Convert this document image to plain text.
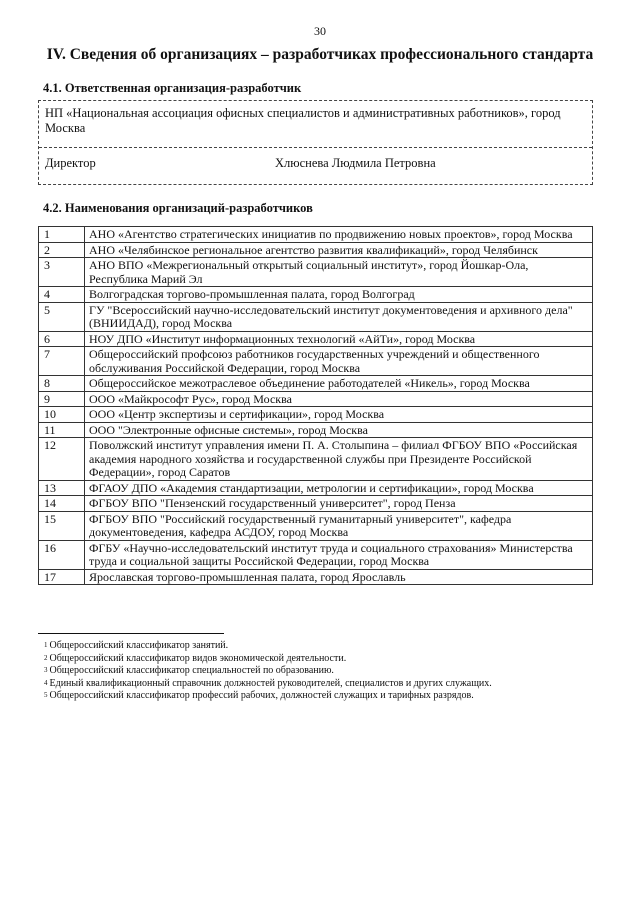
30
IV. Сведения об организациях – разработчиках профессионального стандарта
4.1. Ответственная организация-разработчик
НП «Национальная ассоциация офисных специалистов и административных работников», город Москва
Директор	Хлюснева Людмила Петровна
4.2. Наименования организаций-разработчиков
1	АНО «Агентство стратегических инициатив по продвижению новых проектов», город Москва
2	АНО «Челябинское региональное агентство развития квалификаций», город Челябинск
3	АНО ВПО «Межрегиональный открытый социальный институт», город Йошкар-Ола, Республика Марий Эл
4	Волгоградская торгово-промышленная палата, город Волгоград
5	ГУ "Всероссийский научно-исследовательский институт документоведения и архивного дела" (ВНИИДАД), город Москва
6	НОУ ДПО «Институт информационных технологий «АйТи», город Москва
7	Общероссийский профсоюз работников государственных учреждений и общественного обслуживания Российской Федерации, город Москва
8	Общероссийское межотраслевое объединение работодателей «Никель», город Москва
9	ООО «Майкрософт Рус», город Москва
10	ООО «Центр экспертизы и сертификации», город Москва
11	ООО "Электронные офисные системы», город Москва
12	Поволжский институт управления имени П. А. Столыпина – филиал ФГБОУ ВПО «Российская академия народного хозяйства и государственной службы при Президенте Российской Федерации», город Саратов
13	ФГАОУ ДПО «Академия стандартизации, метрологии и сертификации», город Москва
14	ФГБОУ ВПО "Пензенский государственный университет", город Пенза
15	ФГБОУ ВПО "Российский государственный гуманитарный университет", кафедра документоведения, кафедра АСДОУ, город Москва
16	ФГБУ «Научно-исследовательский институт труда и социального страхования» Министерства труда и социальной защиты Российской Федерации, город Москва
17	Ярославская торгово-промышленная палата, город Ярославль
$^1$ Общероссийский классификатор занятий.
$^2$ Общероссийский классификатор видов экономической деятельности.
$^3$ Общероссийский классификатор специальностей по образованию.
$^4$ Единый квалификационный справочник должностей руководителей, специалистов и других служащих.
$^5$ Общероссийский классификатор профессий рабочих, должностей служащих и тарифных разрядов.
